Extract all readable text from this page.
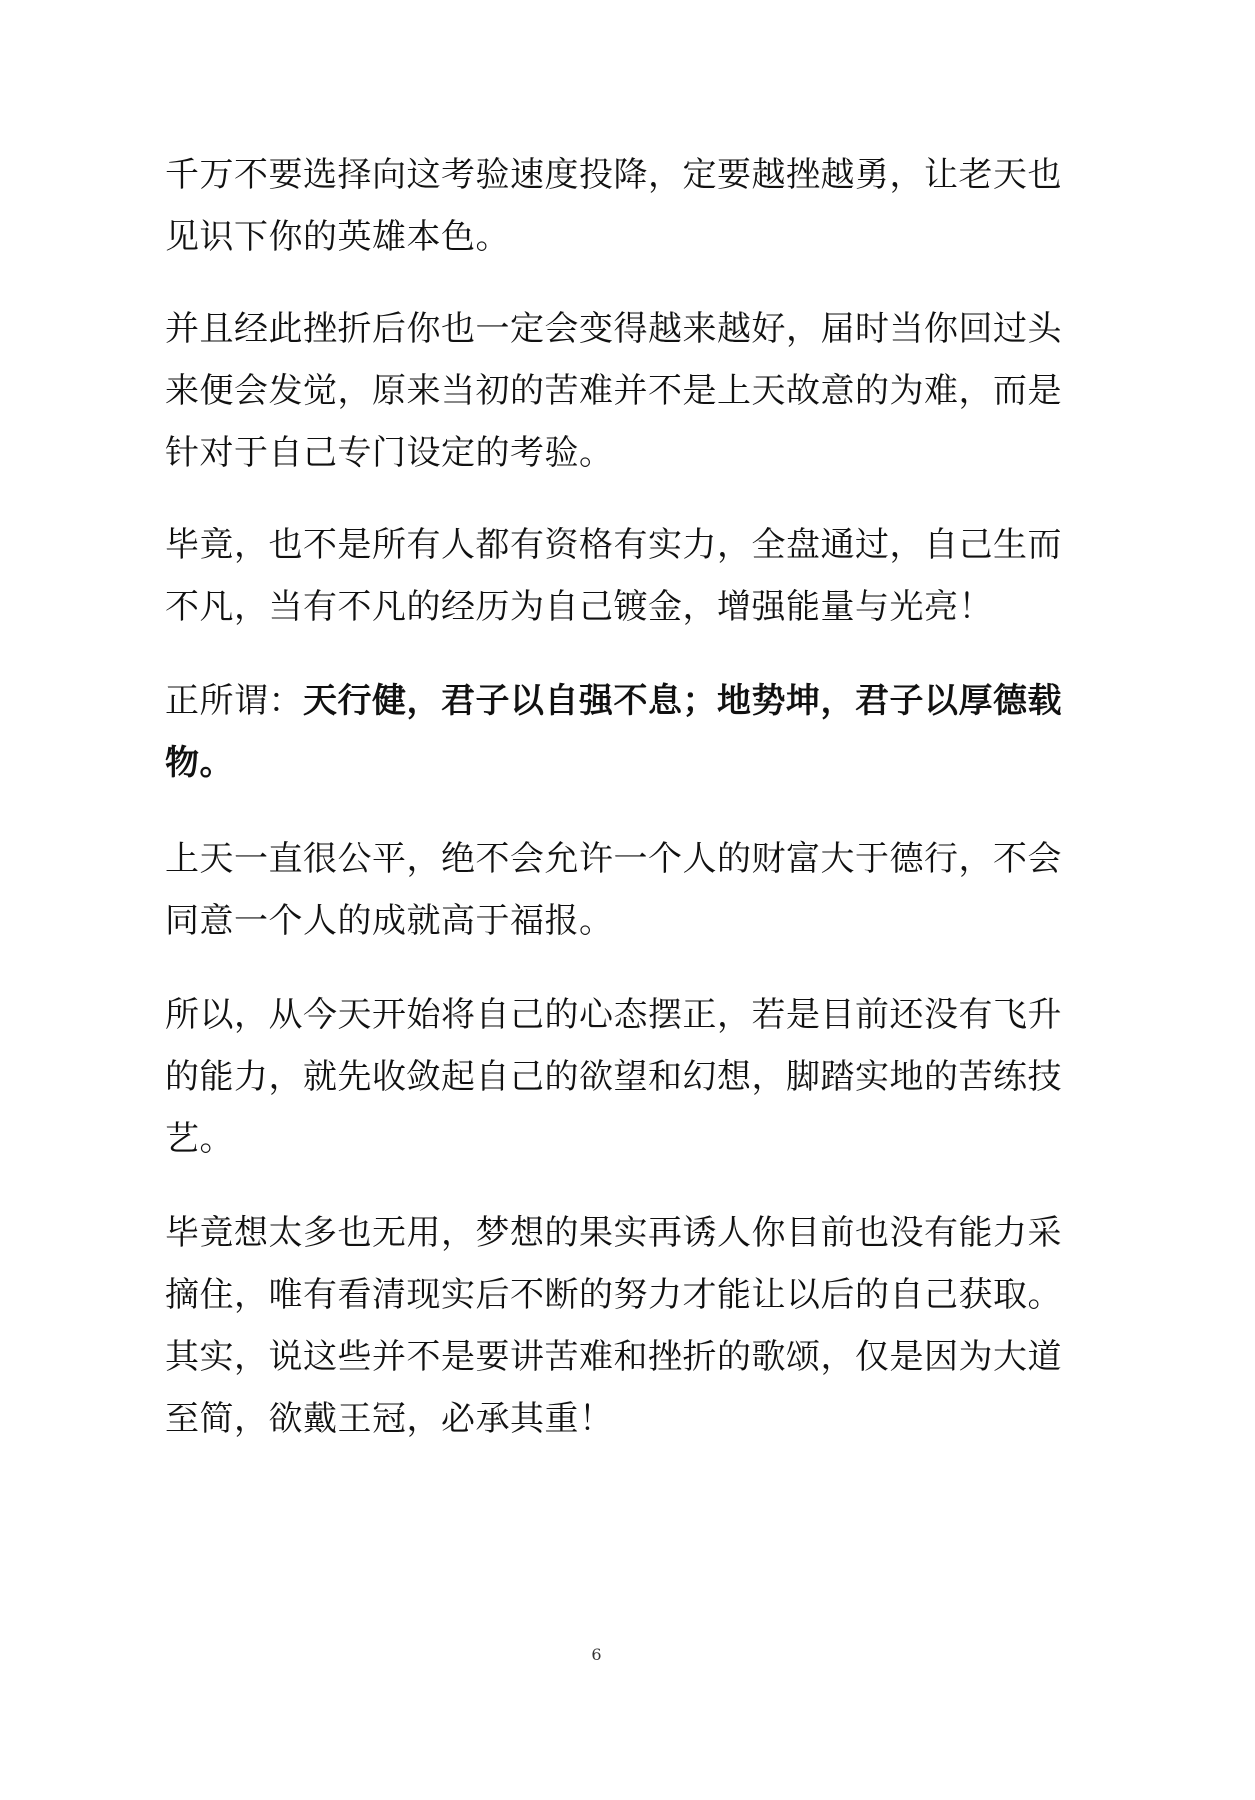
千万不要选择向这考验速度投降，定要越挫越勇，让老天也
见识下你的英雄本色。
并且经此挫折后你也一定会变得越来越好，届时当你回过头
来便会发觉，原来当初的苦难并不是上天故意的为难，而是
针对于自己专门设定的考验。
毕竟，也不是所有人都有资格有实力，全盘通过，自己生而
不凡，当有不凡的经历为自己镀金，增强能量与光亮！
正所谓：天行健，君子以自强不息；地势坤，君子以厚德载
物。
上天一直很公平，绝不会允许一个人的财富大于德行，不会
同意一个人的成就高于福报。
所以，从今天开始将自己的心态摆正，若是目前还没有飞升
的能力，就先收敛起自己的欲望和幻想，脚踏实地的苦练技
艺。
毕竟想太多也无用，梦想的果实再诱人你目前也没有能力采
摘住，唯有看清现实后不断的努力才能让以后的自己获取。
其实，说这些并不是要讲苦难和挫折的歌颂，仅是因为大道
至简，欲戴王冠，必承其重！
6
